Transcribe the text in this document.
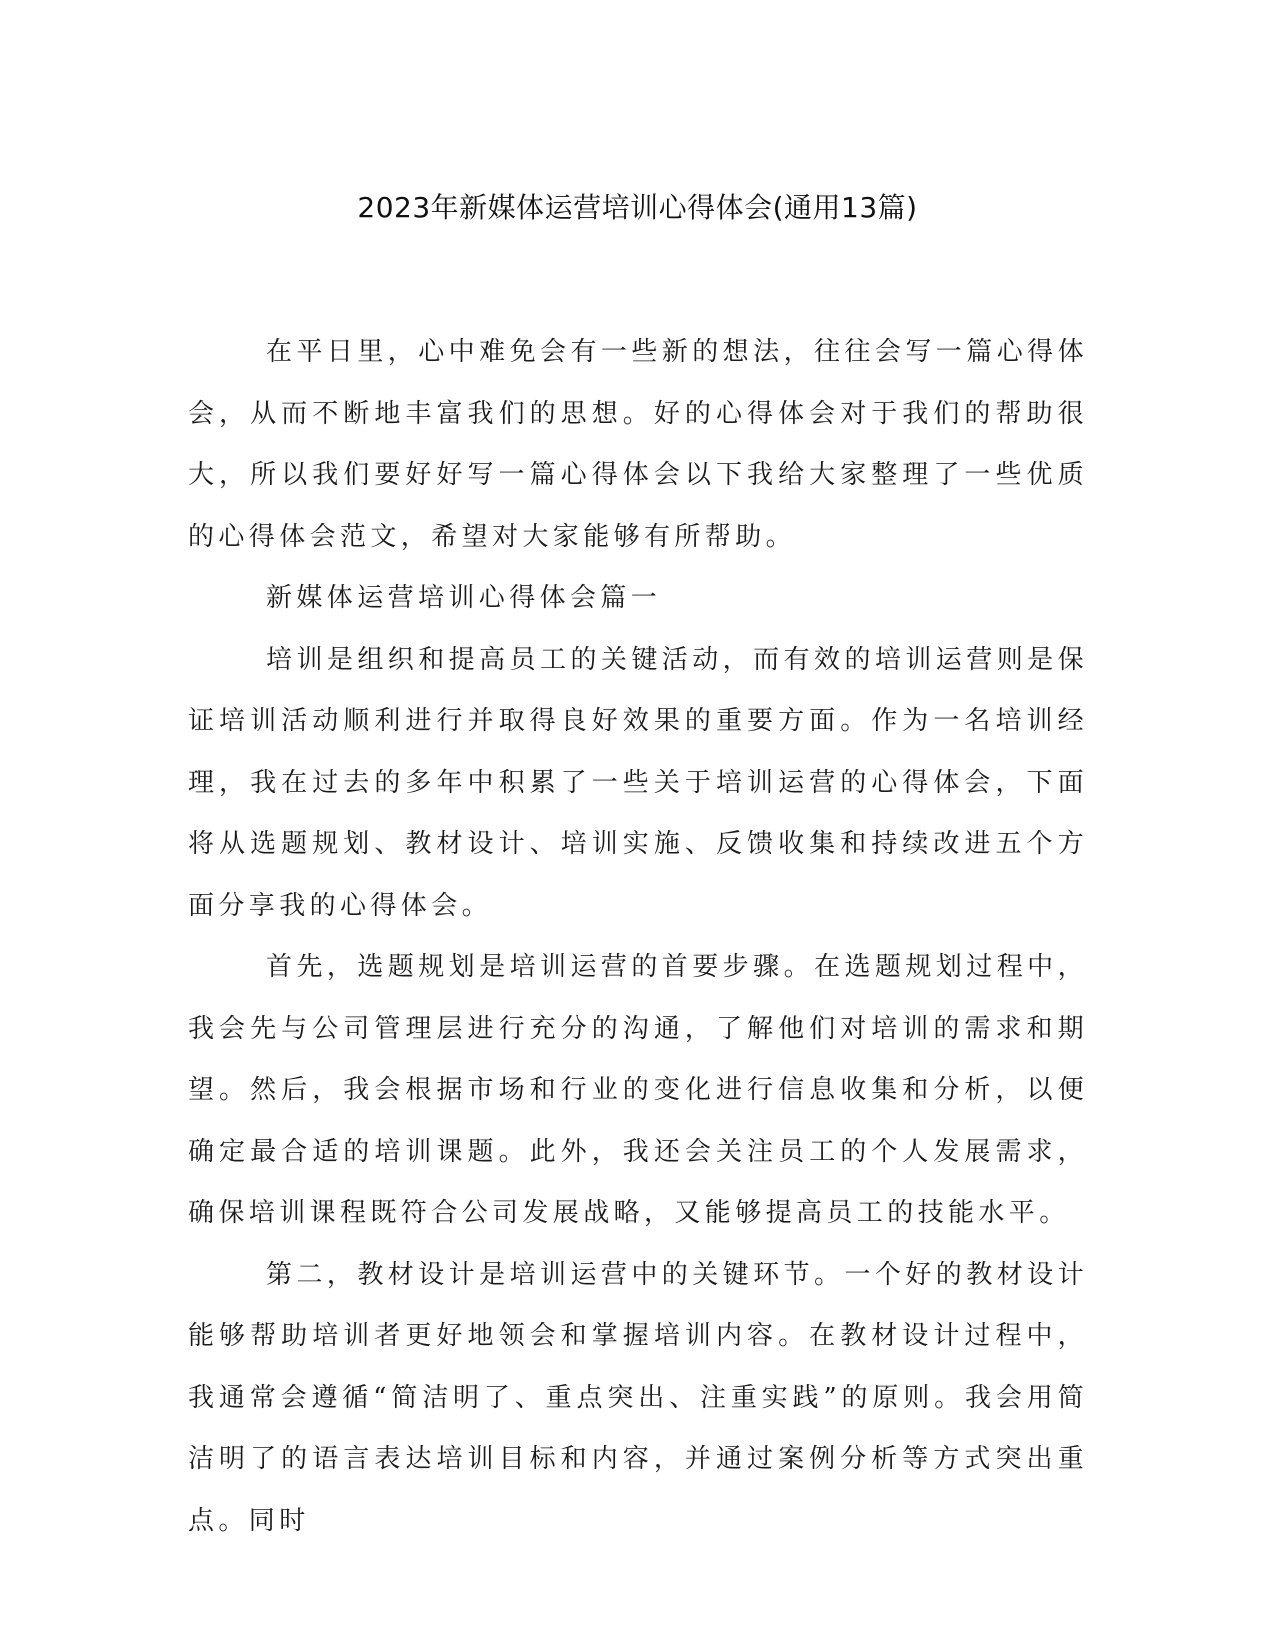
2023年新媒体运营培训心得体会(通用13篇)

在平日里，心中难免会有一些新的想法，往往会写一篇心得体会，从而不断地丰富我们的思想。好的心得体会对于我们的帮助很大，所以我们要好好写一篇心得体会以下我给大家整理了一些优质的心得体会范文，希望对大家能够有所帮助。

新媒体运营培训心得体会篇一

培训是组织和提高员工的关键活动，而有效的培训运营则是保证培训活动顺利进行并取得良好效果的重要方面。作为一名培训经理，我在过去的多年中积累了一些关于培训运营的心得体会，下面将从选题规划、教材设计、培训实施、反馈收集和持续改进五个方面分享我的心得体会。

首先，选题规划是培训运营的首要步骤。在选题规划过程中，我会先与公司管理层进行充分的沟通，了解他们对培训的需求和期望。然后，我会根据市场和行业的变化进行信息收集和分析，以便确定最合适的培训课题。此外，我还会关注员工的个人发展需求，确保培训课程既符合公司发展战略，又能够提高员工的技能水平。

第二，教材设计是培训运营中的关键环节。一个好的教材设计能够帮助培训者更好地领会和掌握培训内容。在教材设计过程中，我通常会遵循“简洁明了、重点突出、注重实践”的原则。我会用简洁明了的语言表达培训目标和内容，并通过案例分析等方式突出重点。同时
